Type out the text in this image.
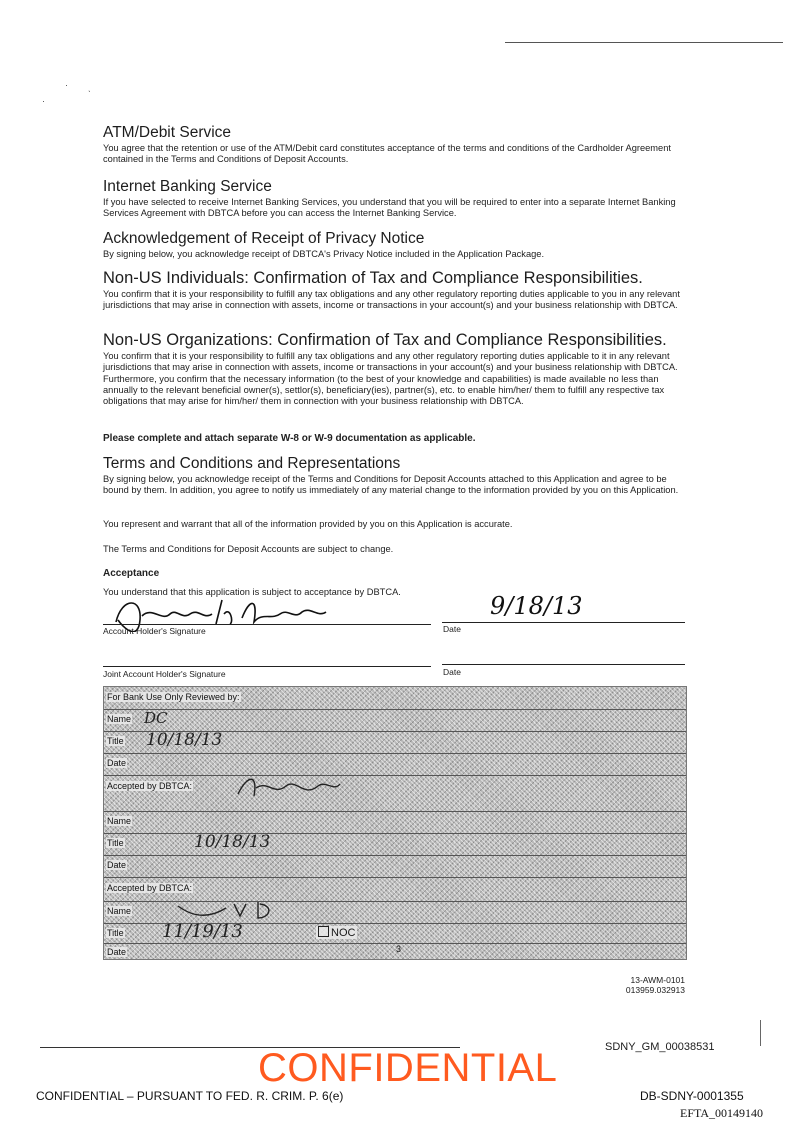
· ˎ
·
ATM/Debit Service

You agree that the retention or use of the ATM/Debit card constitutes acceptance of the terms and conditions of the Cardholder Agreement contained in the Terms and Conditions of Deposit Accounts.

Internet Banking Service

If you have selected to receive Internet Banking Services, you understand that you will be required to enter into a separate Internet Banking Services Agreement with DBTCA before you can access the Internet Banking Service.

Acknowledgement of Receipt of Privacy Notice

By signing below, you acknowledge receipt of DBTCA's Privacy Notice included in the Application Package.

Non-US Individuals: Confirmation of Tax and Compliance Responsibilities.

You confirm that it is your responsibility to fulfill any tax obligations and any other regulatory reporting duties applicable to you in any relevant jurisdictions that may arise in connection with assets, income or transactions in your account(s) and your business relationship with DBTCA.

Non-US Organizations: Confirmation of Tax and Compliance Responsibilities.

You confirm that it is your responsibility to fulfill any tax obligations and any other regulatory reporting duties applicable to it in any relevant jurisdictions that may arise in connection with assets, income or transactions in your account(s) and your business relationship with DBTCA. Furthermore, you confirm that the necessary information (to the best of your knowledge and capabilities) is made available no less than annually to the relevant beneficial owner(s), settlor(s), beneficiary(ies), partner(s), etc. to enable him/her/ them to fulfill any respective tax obligations that may arise for him/her/ them in connection with your business relationship with DBTCA.

Please complete and attach separate W-8 or W-9 documentation as applicable.

Terms and Conditions and Representations

By signing below, you acknowledge receipt of the Terms and Conditions for Deposit Accounts attached to this Application and agree to be bound by them. In addition, you agree to notify us immediately of any material change to the information provided by you on this Application.

You represent and warrant that all of the information provided by you on this Application is accurate.

The Terms and Conditions for Deposit Accounts are subject to change.

Acceptance
You understand that this application is subject to acceptance by DBTCA.
Account Holder's Signature
9/18/13
Date
Joint Account Holder's Signature	Date
For Bank Use Only Reviewed by:
Name DC
Title 10/18/13
Date
Accepted by DBTCA:
Name
Title	10/18/13
Date
Accepted by DBTCA:
Name
Title 11/19/13	NOC
Date	3
13-AWM-0101
013959.032913
SDNY_GM_00038531
CONFIDENTIAL
CONFIDENTIAL – PURSUANT TO FED. R. CRIM. P. 6(e)	DB-SDNY-0001355
EFTA_00149140
